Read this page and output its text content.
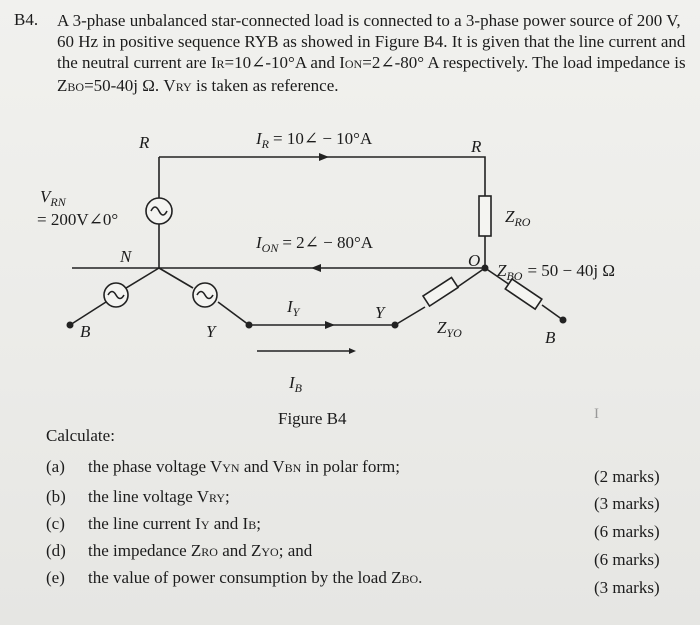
B4. A 3-phase unbalanced star-connected load is connected to a 3-phase power source of 200 V, 60 Hz in positive sequence RYB as showed in Figure B4. It is given that the line current and the neutral current are IR=10∠-10°A and ION=2∠-80° A respectively. The load impedance is ZBO=50-40j Ω. VRY is taken as reference.

R	R
$I_R$ = 10∠ − 10°A
$V_{RN}$
= 200V∠0°
N
$I_{ON}$ = 2∠ − 80°A
O
$Z_{RO}$
$Z_{BO} = 50 - 40j$ Ω
$I_Y$	Y
Y
B	B
$Z_{YO}$
$I_B$
Figure B4	I
Calculate:
(a) the phase voltage VYN and VBN in polar form;
(b) the line voltage VRY;
(c) the line current IY and IB;
(d) the impedance ZRO and ZYO; and
(e) the value of power consumption by the load ZBO.
(2 marks)
(3 marks)
(6 marks)
(6 marks)
(3 marks)
